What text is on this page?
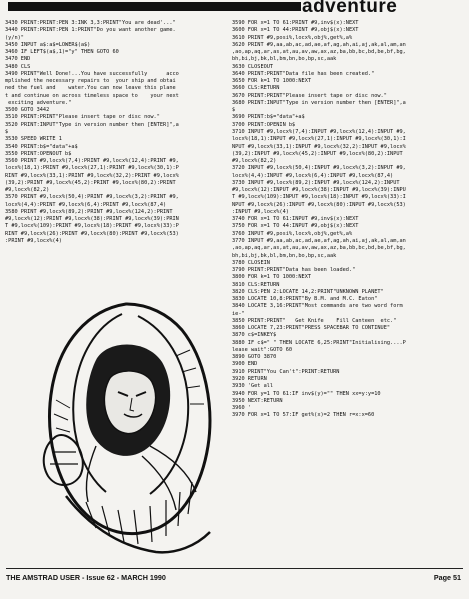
adventure
3430 PRINT:PRINT:PEN 3:INK 3,3:PRINT"You are dead'..."
3440 PRINT:PRINT:PEN 1:PRINT"Do you want another game.
(y/n)"
3450 INPUT a$:a$=LOWER$(a$)
3460 IF LEFT$(a$,1)="y" THEN GOTO 60
3470 END
3480 CLS
3490 PRINT"Well Done!...You have successfully      acco
mplished the necessary repairs to  your ship and obtai
ned the fuel and    water.You can now leave this plane
t and continue on across timeless space to    your next
exciting adventure."
3500 GOTO 3442
3510 PRINT:PRINT"Please insert tape or disc now."
3520 PRINT:INPUT"Type in version number then [ENTER]",a
$
3530 SPEED WRITE 1
3540 PRINT:b$="data"+a$
3550 PRINT:OPENOUT b$
3560 PRINT #9,locx%(7,4):PRINT #9,locx%(12,4):PRINT #9,
locx%(18,1):PRINT #9,locx%(27,1):PRINT #9,locx%(30,1):P
RINT #9,locx%(33,1):PRINT #9,locx%(32,2):PRINT #9,locx%
(39,2):PRINT #9,locx%(45,2):PRINT #9,locx%(80,2):PRINT
#9,locx%(82,2)
3570 PRINT #9,locx%(50,4):PRINT #9,locx%(3,2):PRINT #9,
locx%(4,4):PRINT #9,locx%(6,4):PRINT #9,locx%(87,4)
3580 PRINT #9,locx%(89,2):PRINT #9,locx%(124,2):PRINT
#9,locx%(12):PRINT #9,locx%(38):PRINT #9,locx%(39):PRIN
T #9,locx%(109):PRINT #9,locx%(18):PRINT #9,locx%(33):P
RINT #9,locx%(26):PRINT #9,locx%(80):PRINT #9,locx%(53)
:PRINT #9,locx%(4)
3590 FOR x=1 TO 61:PRINT #9,inv$(x):NEXT
3600 FOR x=1 TO 44:PRINT #9,obj$(x):NEXT
3610 PRINT #9,posi%,locx%,obj%,get%,a%
3620 PRINT #9,aa,ab,ac,ad,ae,af,ag,ah,ai,aj,ak,al,am,an
,ao,ap,aq,ar,as,at,au,av,aw,ax,az,ba,bb,bc,bd,be,bf,bg,
bh,bi,bj,bk,bl,bm,bn,bo,bp,sc,aak
3630 CLOSEOUT
3640 PRINT:PRINT"Data file has been created."
3650 FOR k=1 TO 1000:NEXT
3660 CLS:RETURN
3670 PRINT:PRINT"Please insert tape or disc now."
3680 PRINT:INPUT"Type in version number then [ENTER]",a
$
3690 PRINT:b$="data"+a$
3700 PRINT:OPENIN b$
3710 INPUT #9,locx%(7,4):INPUT #9,locx%(12,4):INPUT #9,
locx%(18,1):INPUT #9,locx%(27,1):INPUT #9,locx%(30,1):I
NPUT #9,locx%(33,1):INPUT #9,locx%(32,2):INPUT #9,locx%
(39,2):INPUT #9,locx%(45,2):INPUT #9,locx%(80,2):INPUT
#9,locx%(82,2)
3720 INPUT #9,locx%(50,4):INPUT #9,locx%(3,2):INPUT #9,
locx%(4,4):INPUT #9,locx%(6,4):INPUT #9,locx%(87,4)
3730 INPUT #9,locx%(89,2):INPUT #9,locx%(124,2):INPUT
#9,locx%(12):INPUT #9,locx%(38):INPUT #9,locx%(39):INPU
T #9,locx%(109):INPUT #9,locx%(18):INPUT #9,locx%(33):I
NPUT #9,locx%(26):INPUT #9,locx%(80):INPUT #9,locx%(53)
:INPUT #9,locx%(4)
3740 FOR x=1 TO 61:INPUT #9,inv$(x):NEXT
3750 FOR x=1 TO 44:INPUT #9,obj$(x):NEXT
3760 INPUT #9,posi%,locx%,obj%,get%,a%
3770 INPUT #9,aa,ab,ac,ad,ae,af,ag,ah,ai,aj,ak,al,am,an
,ao,ap,aq,ar,as,at,au,av,aw,ax,az,ba,bb,bc,bd,be,bf,bg,
bh,bi,bj,bk,bl,bm,bn,bo,bp,sc,aak
3780 CLOSEIN
3790 PRINT:PRINT"Data has been loaded."
3800 FOR k=1 TO 1000:NEXT
3810 CLS:RETURN
3820 CLS:PEN 2:LOCATE 14,2:PRINT"UNKNOWN PLANET"
3830 LOCATE 10,8:PRINT"By B.M. and M.C. Eaton"
3840 LOCATE 3,16:PRINT"Most commands are two word form
ie-"
3850 PRINT:PRINT"   Get Knife    Fill Canteen  etc."
3860 LOCATE 7,23:PRINT"PRESS SPACEBAR TO CONTINUE"
3870 c$=INKEY$
3880 IF c$=" " THEN LOCATE 6,25:PRINT"Initialising....P
lease wait":GOTO 60
3890 GOTO 3870
3900 END
3910 PRINT"You Can't":PRINT:RETURN
3920 RETURN
3930 'Get all
3940 FOR y=1 TO 61:IF inv$(y)="" THEN xx=y:y=10
3950 NEXT:RETURN
3960 '
3970 FOR x=1 TO 57:IF get%(x)=2 THEN r=x:x=60
THE AMSTRAD USER - Issue 62 - MARCH 1990	Page 51
